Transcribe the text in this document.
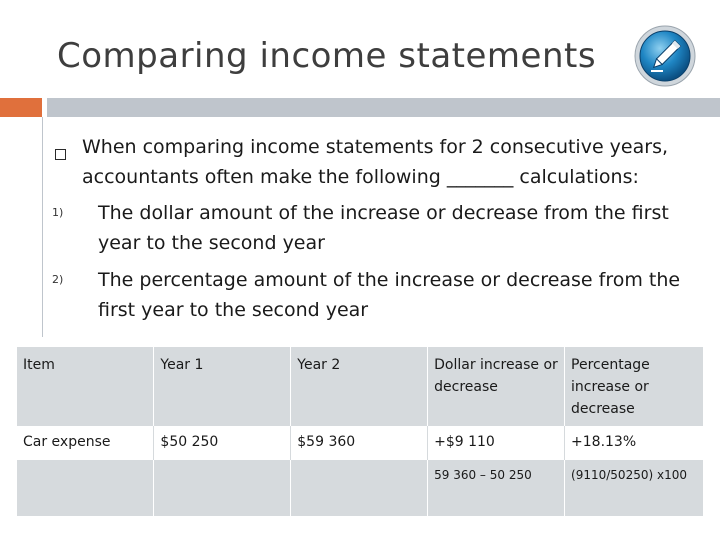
Comparing income statements
When comparing income statements for 2 consecutive years, accountants often make the following _______ calculations:
1) The dollar amount of the increase or decrease from the first year to the second year
2) The percentage amount of the increase or decrease from the first year to the second year
Item	Year 1	Year 2	Dollar increase or decrease	Percentage increase or decrease
Car expense	$50 250	$59 360	+$9 110	+18.13%
			59 360 – 50 250	(9110/50250) x100
